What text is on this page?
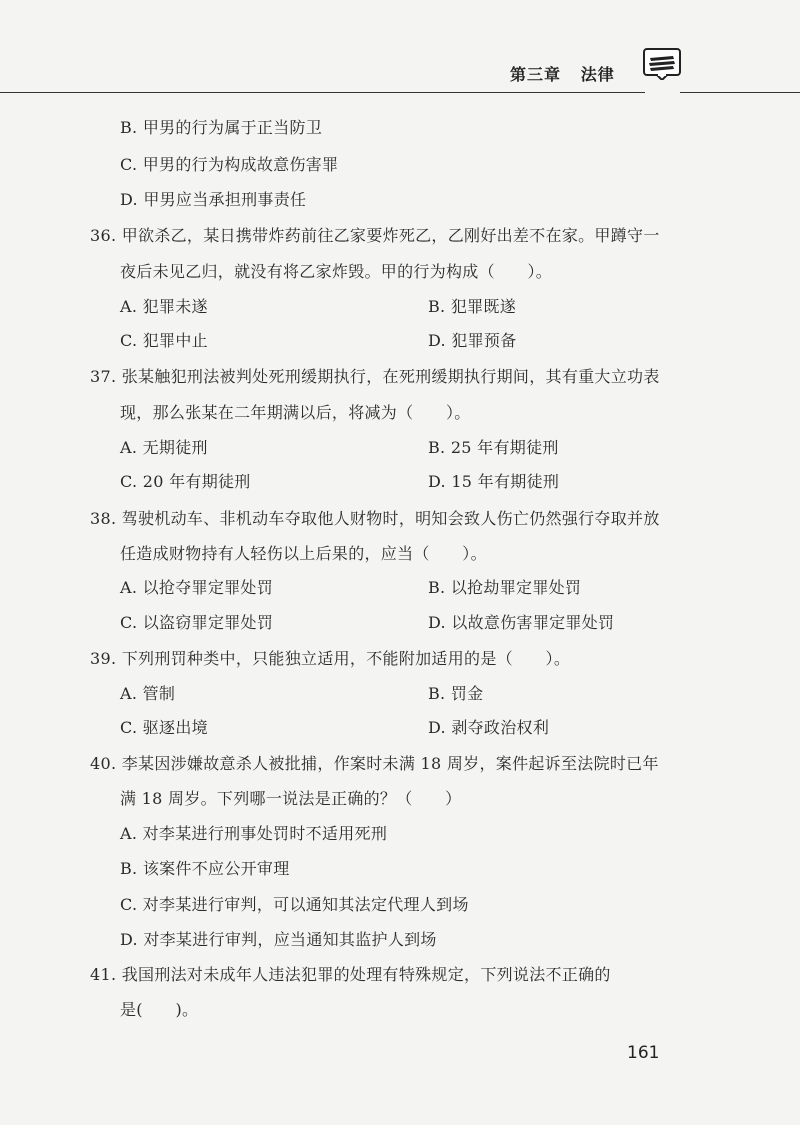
第三章   法律
B. 甲男的行为属于正当防卫
C. 甲男的行为构成故意伤害罪
D. 甲男应当承担刑事责任
36. 甲欲杀乙，某日携带炸药前往乙家要炸死乙，乙刚好出差不在家。甲蹲守一
夜后未见乙归，就没有将乙家炸毁。甲的行为构成（　　）。
A. 犯罪未遂	B. 犯罪既遂
C. 犯罪中止	D. 犯罪预备
37. 张某触犯刑法被判处死刑缓期执行，在死刑缓期执行期间，其有重大立功表
现，那么张某在二年期满以后，将减为（　　）。
A. 无期徒刑	B. 25 年有期徒刑
C. 20 年有期徒刑	D. 15 年有期徒刑
38. 驾驶机动车、非机动车夺取他人财物时，明知会致人伤亡仍然强行夺取并放
任造成财物持有人轻伤以上后果的，应当（　　）。
A. 以抢夺罪定罪处罚	B. 以抢劫罪定罪处罚
C. 以盗窃罪定罪处罚	D. 以故意伤害罪定罪处罚
39. 下列刑罚种类中，只能独立适用，不能附加适用的是（　　）。
A. 管制	B. 罚金
C. 驱逐出境	D. 剥夺政治权利
40. 李某因涉嫌故意杀人被批捕，作案时未满 18 周岁，案件起诉至法院时已年
满 18 周岁。下列哪一说法是正确的？（　　）
A. 对李某进行刑事处罚时不适用死刑
B. 该案件不应公开审理
C. 对李某进行审判，可以通知其法定代理人到场
D. 对李某进行审判，应当通知其监护人到场
41. 我国刑法对未成年人违法犯罪的处理有特殊规定，下列说法不正确的
是(　　)。
161
